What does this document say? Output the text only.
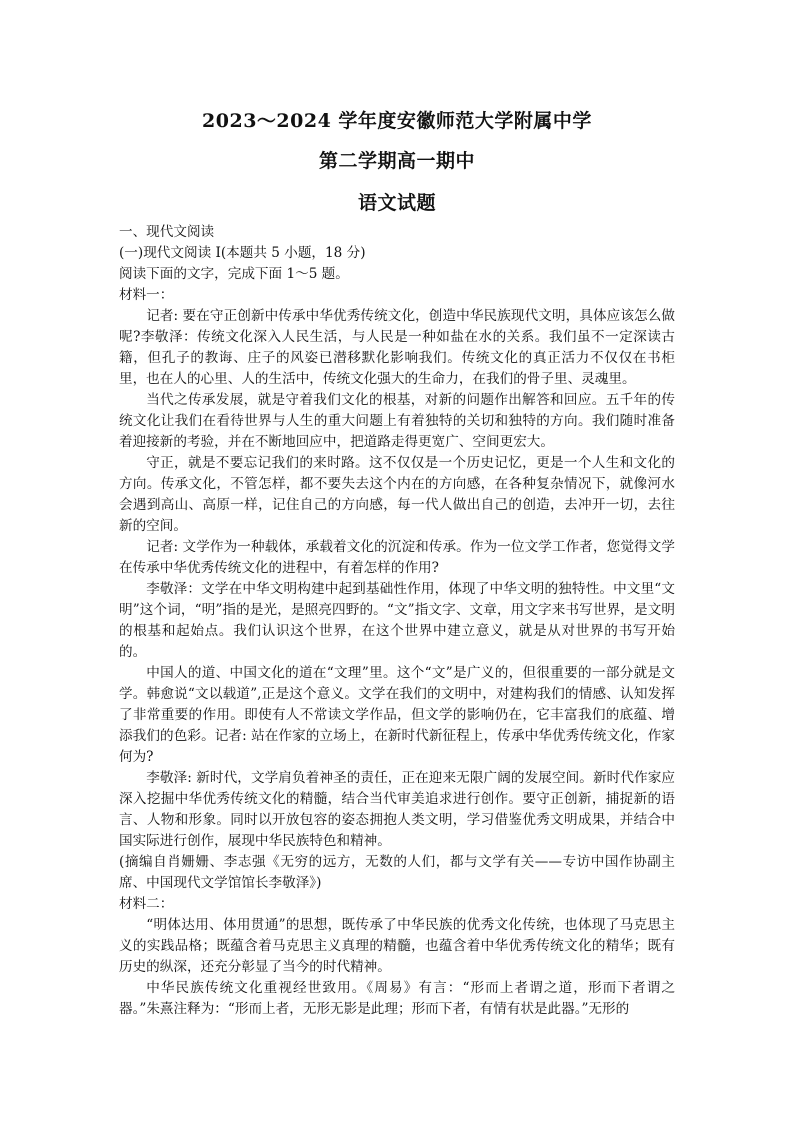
2023～2024 学年度安徽师范大学附属中学
第二学期高一期中
语文试题

一、现代文阅读

(一)现代文阅读 I(本题共 5 小题，18 分)

阅读下面的文字，完成下面 1～5 题。

材料一：

记者: 要在守正创新中传承中华优秀传统文化，创造中华民族现代文明，具体应该怎么做呢?李敬泽：传统文化深入人民生活，与人民是一种如盐在水的关系。我们虽不一定深读古籍，但孔子的教诲、庄子的风姿已潜移默化影响我们。传统文化的真正活力不仅仅在书柜里，也在人的心里、人的生活中，传统文化强大的生命力，在我们的骨子里、灵魂里。

当代之传承发展，就是守着我们文化的根基，对新的问题作出解答和回应。五千年的传统文化让我们在看待世界与人生的重大问题上有着独特的关切和独特的方向。我们随时准备着迎接新的考验，并在不断地回应中，把道路走得更宽广、空间更宏大。

守正，就是不要忘记我们的来时路。这不仅仅是一个历史记忆，更是一个人生和文化的方向。传承文化，不管怎样，都不要失去这个内在的方向感，在各种复杂情况下，就像河水会遇到高山、高原一样，记住自己的方向感，每一代人做出自己的创造，去冲开一切，去往新的空间。

记者: 文学作为一种载体，承载着文化的沉淀和传承。作为一位文学工作者，您觉得文学在传承中华优秀传统文化的进程中，有着怎样的作用?

李敬泽：文学在中华文明构建中起到基础性作用，体现了中华文明的独特性。中文里“文明”这个词，“明”指的是光，是照亮四野的。“文”指文字、文章，用文字来书写世界，是文明的根基和起始点。我们认识这个世界，在这个世界中建立意义，就是从对世界的书写开始的。

中国人的道、中国文化的道在“文理”里。这个“文”是广义的，但很重要的一部分就是文学。韩愈说“文以载道”,正是这个意义。文学在我们的文明中，对建构我们的情感、认知发挥了非常重要的作用。即使有人不常读文学作品，但文学的影响仍在，它丰富我们的底蕴、增添我们的色彩。记者: 站在作家的立场上，在新时代新征程上，传承中华优秀传统文化，作家何为?

李敬泽: 新时代，文学肩负着神圣的责任，正在迎来无限广阔的发展空间。新时代作家应深入挖掘中华优秀传统文化的精髓，结合当代审美追求进行创作。要守正创新，捕捉新的语言、人物和形象。同时以开放包容的姿态拥抱人类文明，学习借鉴优秀文明成果，并结合中国实际进行创作，展现中华民族特色和精神。

(摘编自肖姗姗、李志强《无穷的远方，无数的人们，都与文学有关——专访中国作协副主席、中国现代文学馆馆长李敬泽》)

材料二：

“明体达用、体用贯通”的思想，既传承了中华民族的优秀文化传统，也体现了马克思主义的实践品格；既蕴含着马克思主义真理的精髓，也蕴含着中华优秀传统文化的精华；既有历史的纵深，还充分彰显了当今的时代精神。

中华民族传统文化重视经世致用。《周易》有言：“形而上者谓之道，形而下者谓之器。”朱熹注释为：“形而上者，无形无影是此理；形而下者，有情有状是此器。”无形的
